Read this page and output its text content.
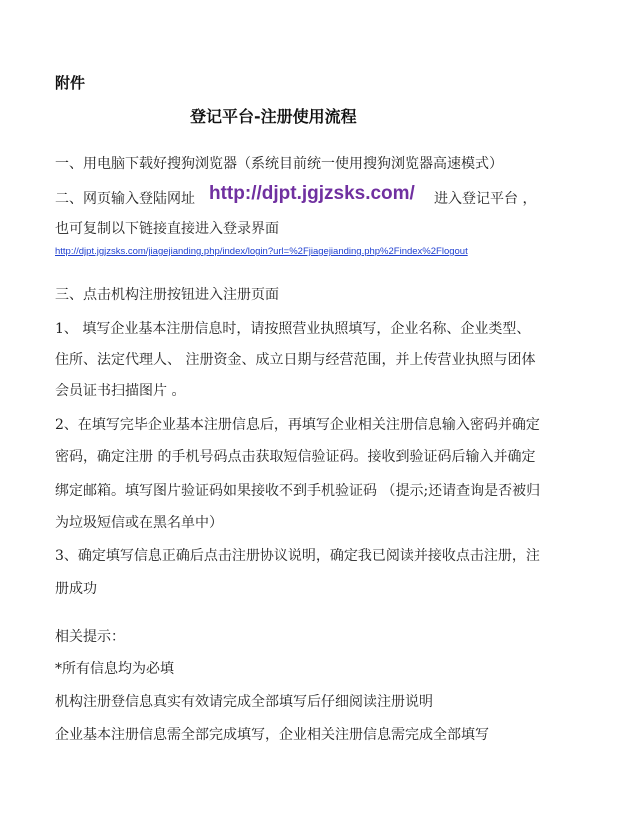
附件
登记平台-注册使用流程
一、用电脑下载好搜狗浏览器（系统目前统一使用搜狗浏览器高速模式）
二、网页输入登陆网址 http://djpt.jgjzsks.com/ 进入登记平台 ，
也可复制以下链接直接进入登录界面
http://djpt.jgjzsks.com/jiagejianding.php/index/login?url=%2Fjiagejianding.php%2Findex%2Flogout
三、点击机构注册按钮进入注册页面
1、 填写企业基本注册信息时，请按照营业执照填写，企业名称、企业类型、
住所、法定代理人、 注册资金、成立日期与经营范围，并上传营业执照与团体
会员证书扫描图片 。
2、在填写完毕企业基本注册信息后，再填写企业相关注册信息输入密码并确定
密码，确定注册 的手机号码点击获取短信验证码。接收到验证码后输入并确定
绑定邮箱。填写图片验证码如果接收不到手机验证码 （提示;还请查询是否被归
为垃圾短信或在黑名单中）
3、确定填写信息正确后点击注册协议说明，确定我已阅读并接收点击注册，注
册成功
相关提示：
*所有信息均为必填
机构注册登信息真实有效请完成全部填写后仔细阅读注册说明
企业基本注册信息需全部完成填写，企业相关注册信息需完成全部填写
